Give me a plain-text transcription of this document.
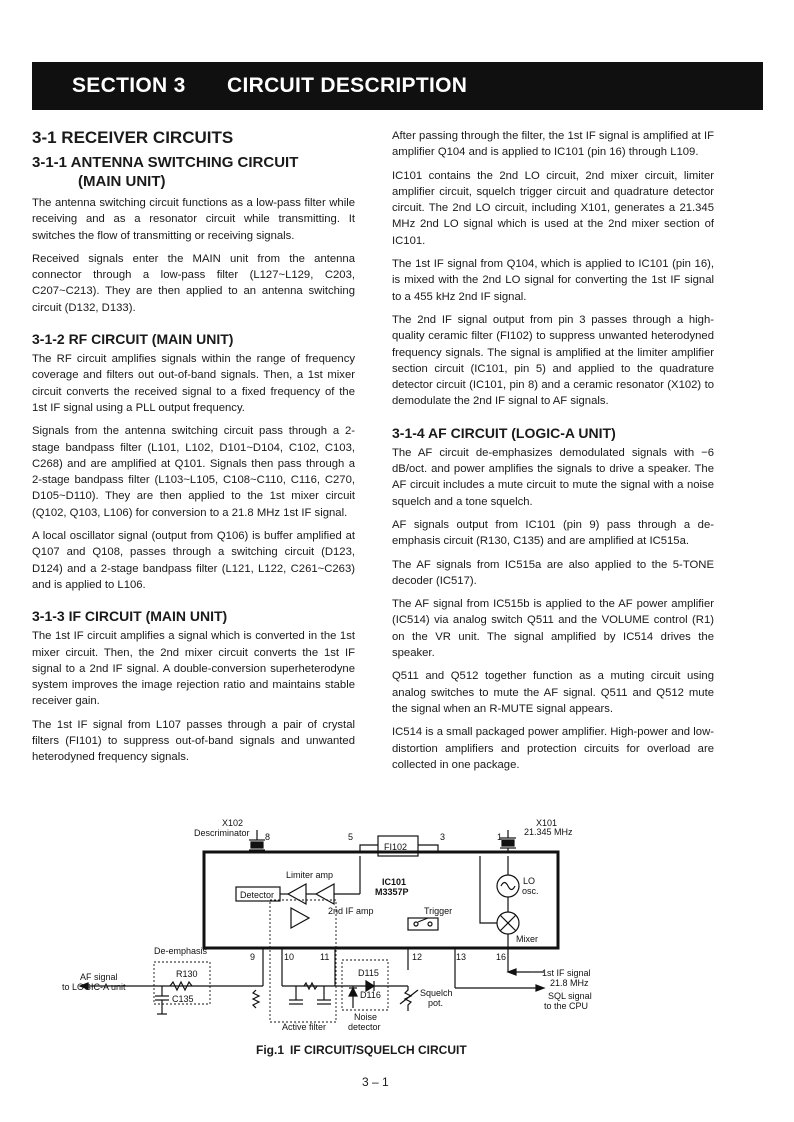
SECTION 3 CIRCUIT DESCRIPTION
3-1 RECEIVER CIRCUITS
3-1-1 ANTENNA SWITCHING CIRCUIT
(MAIN UNIT)

The antenna switching circuit functions as a low-pass filter while receiving and as a resonator circuit while transmitting. It switches the flow of transmitting or receiving signals.

Received signals enter the MAIN unit from the antenna connector through a low-pass filter (L127~L129, C203, C207~C213). They are then applied to an antenna switching circuit (D132, D133).

3-1-2 RF CIRCUIT (MAIN UNIT)

The RF circuit amplifies signals within the range of frequency coverage and filters out out-of-band signals. Then, a 1st mixer circuit converts the received signal to a fixed frequency of the 1st IF signal using a PLL output frequency.

Signals from the antenna switching circuit pass through a 2-stage bandpass filter (L101, L102, D101~D104, C102, C103, C268) and are amplified at Q101. Signals then pass through a 2-stage bandpass filter (L103~L105, C108~C110, C116, C270, D105~D110). They are then applied to the 1st mixer circuit (Q102, Q103, L106) for conversion to a 21.8 MHz 1st IF signal.

A local oscillator signal (output from Q106) is buffer amplified at Q107 and Q108, passes through a switching circuit (D123, D124) and a 2-stage bandpass filter (L121, L122, C261~C263) and is applied to L106.

3-1-3 IF CIRCUIT (MAIN UNIT)

The 1st IF circuit amplifies a signal which is converted in the 1st mixer circuit. Then, the 2nd mixer circuit converts the 1st IF signal to a 2nd IF signal. A double-conversion superheterodyne system improves the image rejection ratio and maintains stable receiver gain.

The 1st IF signal from L107 passes through a pair of crystal filters (FI101) to suppress out-of-band signals and unwanted heterodyned frequency signals.

After passing through the filter, the 1st IF signal is amplified at IF amplifier Q104 and is applied to IC101 (pin 16) through L109.

IC101 contains the 2nd LO circuit, 2nd mixer circuit, limiter amplifier circuit, squelch trigger circuit and quadrature detector circuit. The 2nd LO circuit, including X101, generates a 21.345 MHz 2nd LO signal which is used at the 2nd mixer section of IC101.

The 1st IF signal from Q104, which is applied to IC101 (pin 16), is mixed with the 2nd LO signal for converting the 1st IF signal to a 455 kHz 2nd IF signal.

The 2nd IF signal output from pin 3 passes through a high-quality ceramic filter (FI102) to suppress unwanted heterodyned frequency signals. The signal is amplified at the limiter amplifier section circuit (IC101, pin 5) and applied to the quadrature detector circuit (IC101, pin 8) and a ceramic resonator (X102) to demodulate the 2nd IF signal to AF signals.

3-1-4 AF CIRCUIT (LOGIC-A UNIT)

The AF circuit de-emphasizes demodulated signals with −6 dB/oct. and power amplifies the signals to drive a speaker. The AF circuit includes a mute circuit to mute the signal with a noise squelch and a tone squelch.

AF signals output from IC101 (pin 9) pass through a de-emphasis circuit (R130, C135) and are amplified at IC515a.

The AF signals from IC515a are also applied to the 5-TONE decoder (IC517).

The AF signal from IC515b is applied to the AF power amplifier (IC514) via analog switch Q511 and the VOLUME control (R1) on the VR unit. The signal amplified by IC514 drives the speaker.

Q511 and Q512 together function as a muting circuit using analog switches to mute the AF signal. Q511 and Q512 mute the signal when an R-MUTE signal appears.

IC514 is a small packaged power amplifier. High-power and low-distortion amplifiers and protection circuits for overload are collected in one package.

X102
Descriminator 8	5	3	1
FI102
X101
21.345 MHz
Limiter amp
Detector
IC101
M3357P
LO
osc.
2nd IF amp	Trigger
Mixer
De-emphasis
R130
C135
AF signal
to LOGIC-A unit
9	10	11	12	13	16
D115
D116	Squelch
pot.
Noise
detector
Active filter
1st IF signal
21.8 MHz
SQL signal
to the CPU
Fig.1 IF CIRCUIT/SQUELCH CIRCUIT
3 – 1
